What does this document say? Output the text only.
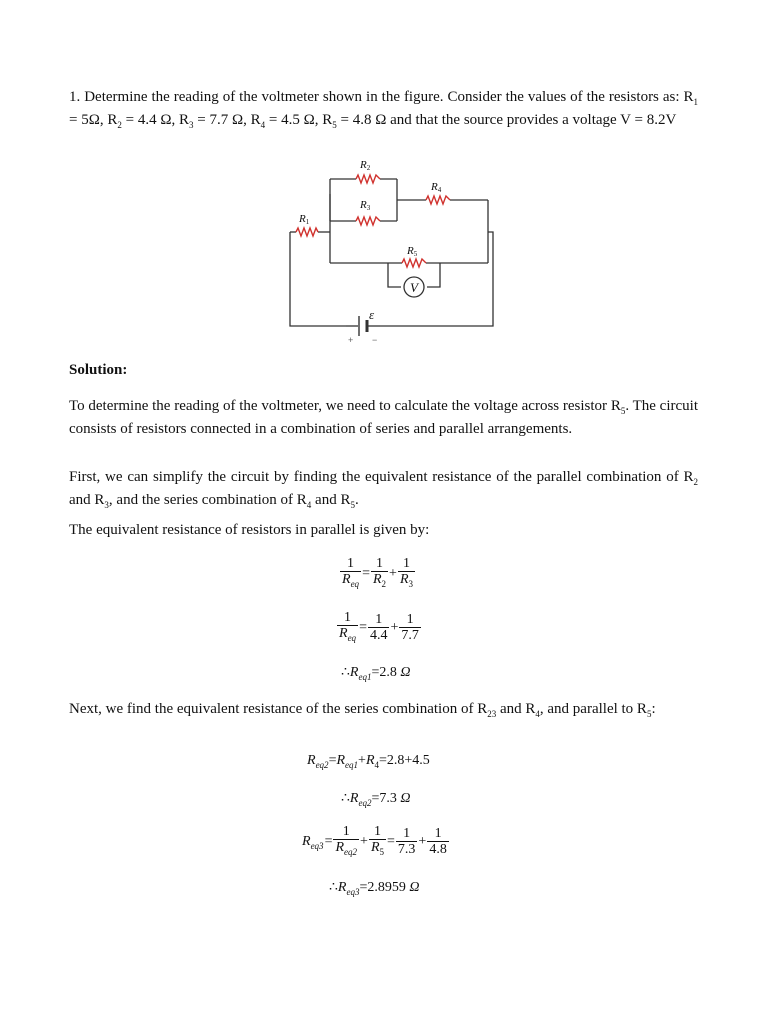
1. Determine the reading of the voltmeter shown in the figure. Consider the values of the resistors as: $R_1 = 5\Omega$, $R_2 = 4.4$ Ω, $R_3 = 7.7$ Ω, $R_4 = 4.5$ Ω, $R_5 = 4.8$ Ω and that the source provides a voltage V = 8.2V

V
ε
+ −
R1
R2
R3
R4
R5

Solution:

To determine the reading of the voltmeter, we need to calculate the voltage across resistor $R_5$. The circuit consists of resistors connected in a combination of series and parallel arrangements.

First, we can simplify the circuit by finding the equivalent resistance of the parallel combination of $R_2$ and $R_3$, and the series combination of $R_4$ and $R_5$.

The equivalent resistance of resistors in parallel is given by:

$\frac{1}{R_{eq}} = \frac{1}{R_2} + \frac{1}{R_3}$
$\frac{1}{R_{eq}} = \frac{1}{4.4} + \frac{1}{7.7}$
$\therefore R_{eq1}=2.8$ Ω

Next, we find the equivalent resistance of the series combination of $R_{23}$ and $R_4$, and parallel to $R_5$:

$R_{eq2}=R_{eq1}+R_4=2.8+4.5$
$\therefore R_{eq2}=7.3$ Ω
$R_{eq3}= \frac{1}{R_{eq2}} + \frac{1}{R_5} = \frac{1}{7.3} + \frac{1}{4.8}$
$\therefore R_{eq3}=2.8959$ Ω
